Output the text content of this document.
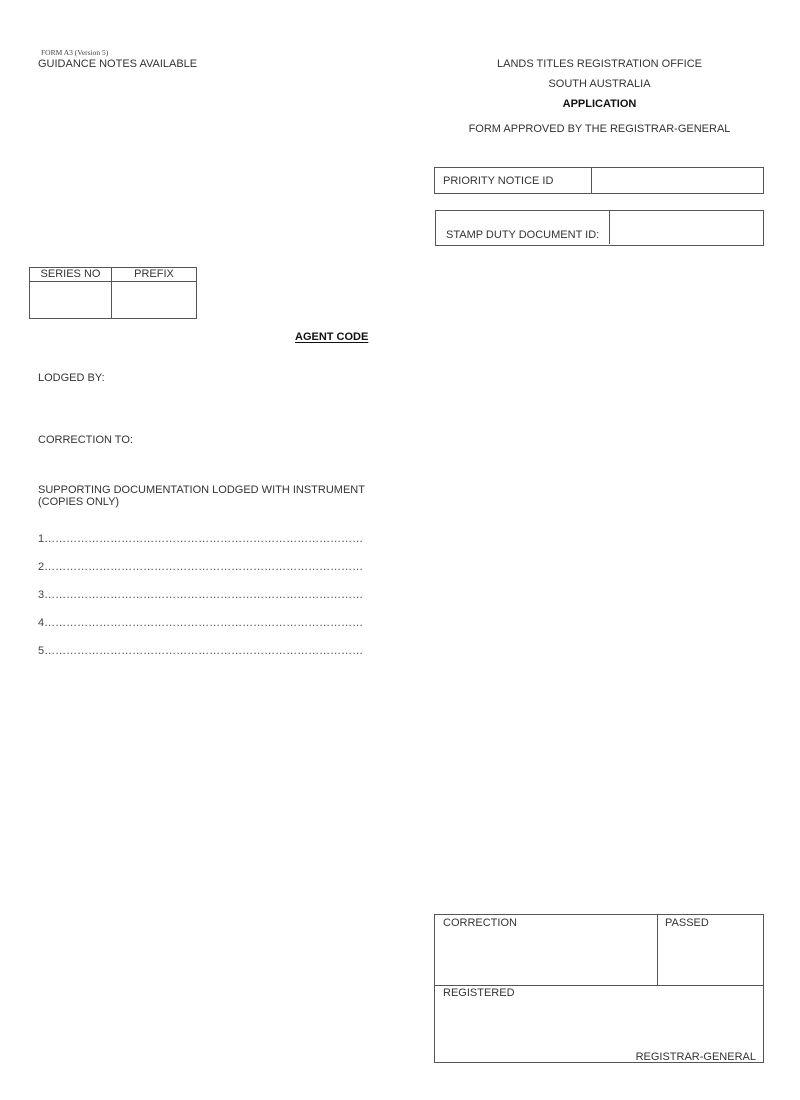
FORM A3 (Version 5)
GUIDANCE NOTES AVAILABLE	LANDS TITLES REGISTRATION OFFICE
SOUTH AUSTRALIA
APPLICATION
FORM APPROVED BY THE REGISTRAR-GENERAL
PRIORITY NOTICE ID
STAMP DUTY DOCUMENT ID:
SERIES NO	PREFIX
AGENT CODE
LODGED BY:
CORRECTION TO:
SUPPORTING DOCUMENTATION LODGED WITH INSTRUMENT
(COPIES ONLY)
1……………………………………………………………………………
2……………………………………………………………………………
3……………………………………………………………………………
4……………………………………………………………………………
5……………………………………………………………………………
CORRECTION	PASSED
REGISTERED
REGISTRAR-GENERAL
